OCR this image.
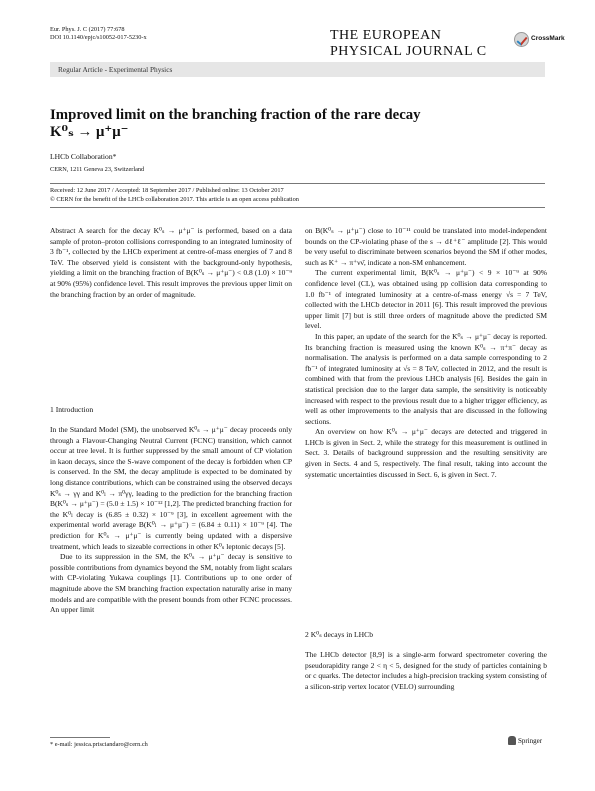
Eur. Phys. J. C (2017) 77:678
DOI 10.1140/epjc/s10052-017-5230-x	THE EUROPEAN
PHYSICAL JOURNAL C
CrossMark
Regular Article - Experimental Physics
Improved limit on the branching fraction of the rare decay
K⁰ₛ → μ⁺μ⁻
LHCb Collaboration*
CERN, 1211 Geneva 23, Switzerland
Received: 12 June 2017 / Accepted: 18 September 2017 / Published online: 13 October 2017
© CERN for the benefit of the LHCb collaboration 2017. This article is an open access publication

Abstract A search for the decay K⁰ₛ → μ⁺μ⁻ is performed, based on a data sample of proton–proton collisions corresponding to an integrated luminosity of 3 fb⁻¹, collected by the LHCb experiment at centre-of-mass energies of 7 and 8 TeV. The observed yield is consistent with the background-only hypothesis, yielding a limit on the branching fraction of B(K⁰ₛ → μ⁺μ⁻) < 0.8 (1.0) × 10⁻⁹ at 90% (95%) confidence level. This result improves the previous upper limit on the branching fraction by an order of magnitude.

1 Introduction

In the Standard Model (SM), the unobserved K⁰ₛ → μ⁺μ⁻ decay proceeds only through a Flavour-Changing Neutral Current (FCNC) transition, which cannot occur at tree level. It is further suppressed by the small amount of CP violation in kaon decays, since the S-wave component of the decay is forbidden when CP is conserved. In the SM, the decay amplitude is expected to be dominated by long distance contributions, which can be constrained using the observed decays K⁰ₛ → γγ and K⁰ₗ → π⁰γγ, leading to the prediction for the branching fraction B(K⁰ₛ → μ⁺μ⁻) = (5.0 ± 1.5) × 10⁻¹² [1,2]. The predicted branching fraction for the K⁰ₗ decay is (6.85 ± 0.32) × 10⁻⁹ [3], in excellent agreement with the experimental world average B(K⁰ₗ → μ⁺μ⁻) = (6.84 ± 0.11) × 10⁻⁹ [4]. The prediction for K⁰ₛ → μ⁺μ⁻ is currently being updated with a dispersive treatment, which leads to sizeable corrections in other K⁰ₛ leptonic decays [5].

Due to its suppression in the SM, the K⁰ₛ → μ⁺μ⁻ decay is sensitive to possible contributions from dynamics beyond the SM, notably from light scalars with CP-violating Yukawa couplings [1]. Contributions up to one order of magnitude above the SM branching fraction expectation naturally arise in many models and are compatible with the present bounds from other FCNC processes. An upper limit

* e-mail: jessica.prisciandaro@cern.ch

on B(K⁰ₛ → μ⁺μ⁻) close to 10⁻¹¹ could be translated into model-independent bounds on the CP-violating phase of the s → dℓ⁺ℓ⁻ amplitude [2]. This would be very useful to discriminate between scenarios beyond the SM if other modes, such as K⁺ → π⁺νν̄, indicate a non-SM enhancement.

The current experimental limit, B(K⁰ₛ → μ⁺μ⁻) < 9 × 10⁻⁹ at 90% confidence level (CL), was obtained using pp collision data corresponding to 1.0 fb⁻¹ of integrated luminosity at a centre-of-mass energy √s = 7 TeV, collected with the LHCb detector in 2011 [6]. This result improved the previous upper limit [7] but is still three orders of magnitude above the predicted SM level.

In this paper, an update of the search for the K⁰ₛ → μ⁺μ⁻ decay is reported. Its branching fraction is measured using the known K⁰ₛ → π⁺π⁻ decay as normalisation. The analysis is performed on a data sample corresponding to 2 fb⁻¹ of integrated luminosity at √s = 8 TeV, collected in 2012, and the result is combined with that from the previous LHCb analysis [6]. Besides the gain in statistical precision due to the larger data sample, the sensitivity is noticeably increased with respect to the previous result due to a higher trigger efficiency, as well as other improvements to the analysis that are discussed in the following sections.

An overview on how K⁰ₛ → μ⁺μ⁻ decays are detected and triggered in LHCb is given in Sect. 2, while the strategy for this measurement is outlined in Sect. 3. Details of background suppression and the resulting sensitivity are given in Sects. 4 and 5, respectively. The final result, taking into account the systematic uncertainties discussed in Sect. 6, is given in Sect. 7.

2 K⁰ₛ decays in LHCb

The LHCb detector [8,9] is a single-arm forward spectrometer covering the pseudorapidity range 2 < η < 5, designed for the study of particles containing b or c quarks. The detector includes a high-precision tracking system consisting of a silicon-strip vertex locator (VELO) surrounding

Springer
